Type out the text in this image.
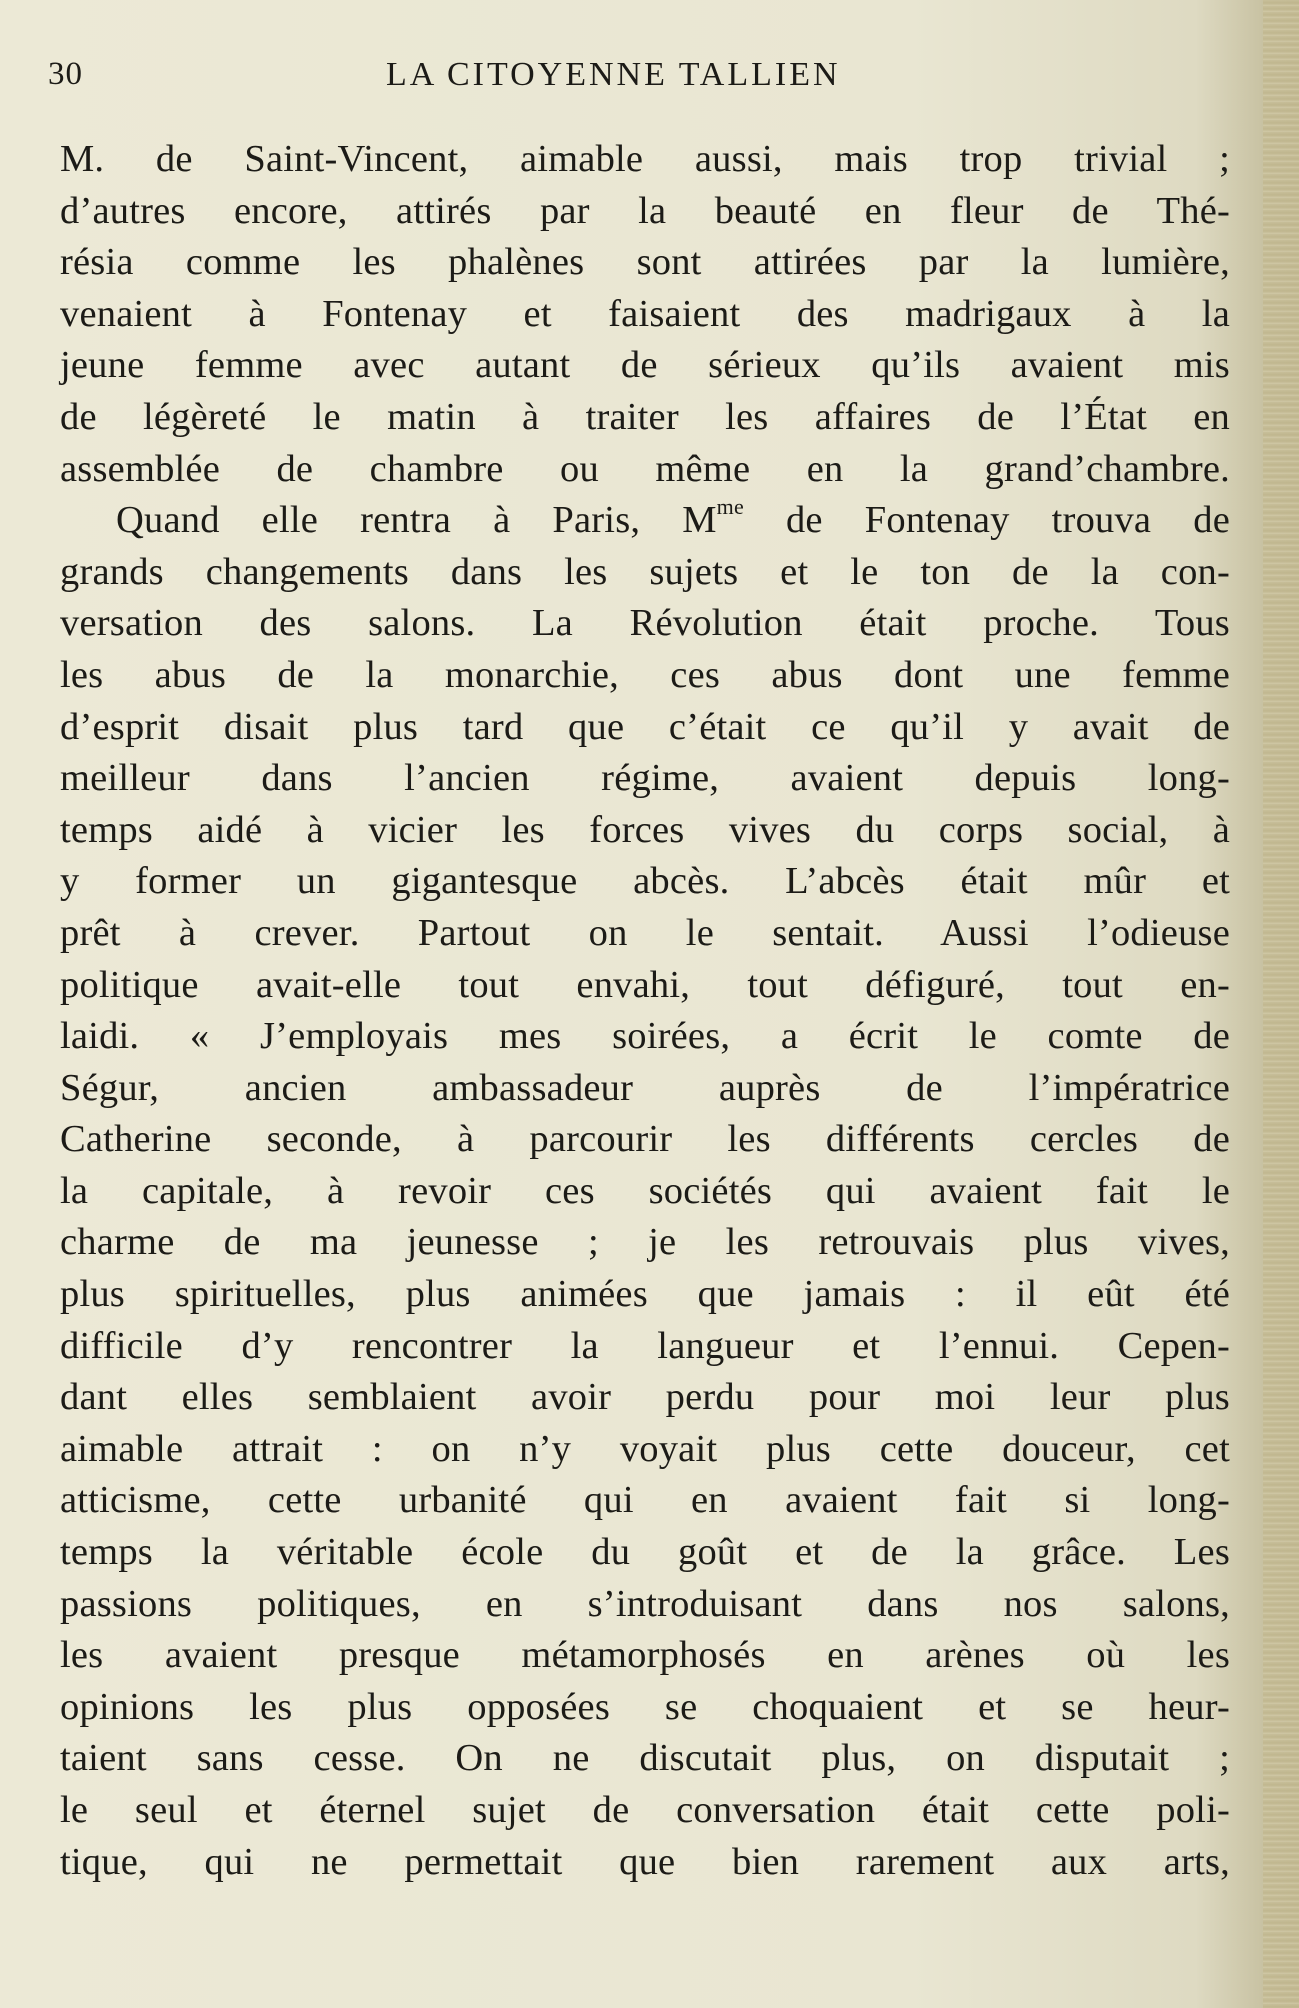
30	LA CITOYENNE TALLIEN
M. de Saint-Vincent, aimable aussi, mais trop trivial ;
d’autres encore, attirés par la beauté en fleur de Thé-
résia comme les phalènes sont attirées par la lumière,
venaient à Fontenay et faisaient des madrigaux à la
jeune femme avec autant de sérieux qu’ils avaient mis
de légèreté le matin à traiter les affaires de l’État en
assemblée de chambre ou même en la grand’chambre.
Quand elle rentra à Paris, $M^{me}$ de Fontenay trouva de
grands changements dans les sujets et le ton de la con-
versation des salons. La Révolution était proche. Tous
les abus de la monarchie, ces abus dont une femme
d’esprit disait plus tard que c’était ce qu’il y avait de
meilleur dans l’ancien régime, avaient depuis long-
temps aidé à vicier les forces vives du corps social, à
y former un gigantesque abcès. L’abcès était mûr et
prêt à crever. Partout on le sentait. Aussi l’odieuse
politique avait-elle tout envahi, tout défiguré, tout en-
laidi. « J’employais mes soirées, a écrit le comte de
Ségur, ancien ambassadeur auprès de l’impératrice
Catherine seconde, à parcourir les différents cercles de
la capitale, à revoir ces sociétés qui avaient fait le
charme de ma jeunesse ; je les retrouvais plus vives,
plus spirituelles, plus animées que jamais : il eût été
difficile d’y rencontrer la langueur et l’ennui. Cepen-
dant elles semblaient avoir perdu pour moi leur plus
aimable attrait : on n’y voyait plus cette douceur, cet
atticisme, cette urbanité qui en avaient fait si long-
temps la véritable école du goût et de la grâce. Les
passions politiques, en s’introduisant dans nos salons,
les avaient presque métamorphosés en arènes où les
opinions les plus opposées se choquaient et se heur-
taient sans cesse. On ne discutait plus, on disputait ;
le seul et éternel sujet de conversation était cette poli-
tique, qui ne permettait que bien rarement aux arts,
